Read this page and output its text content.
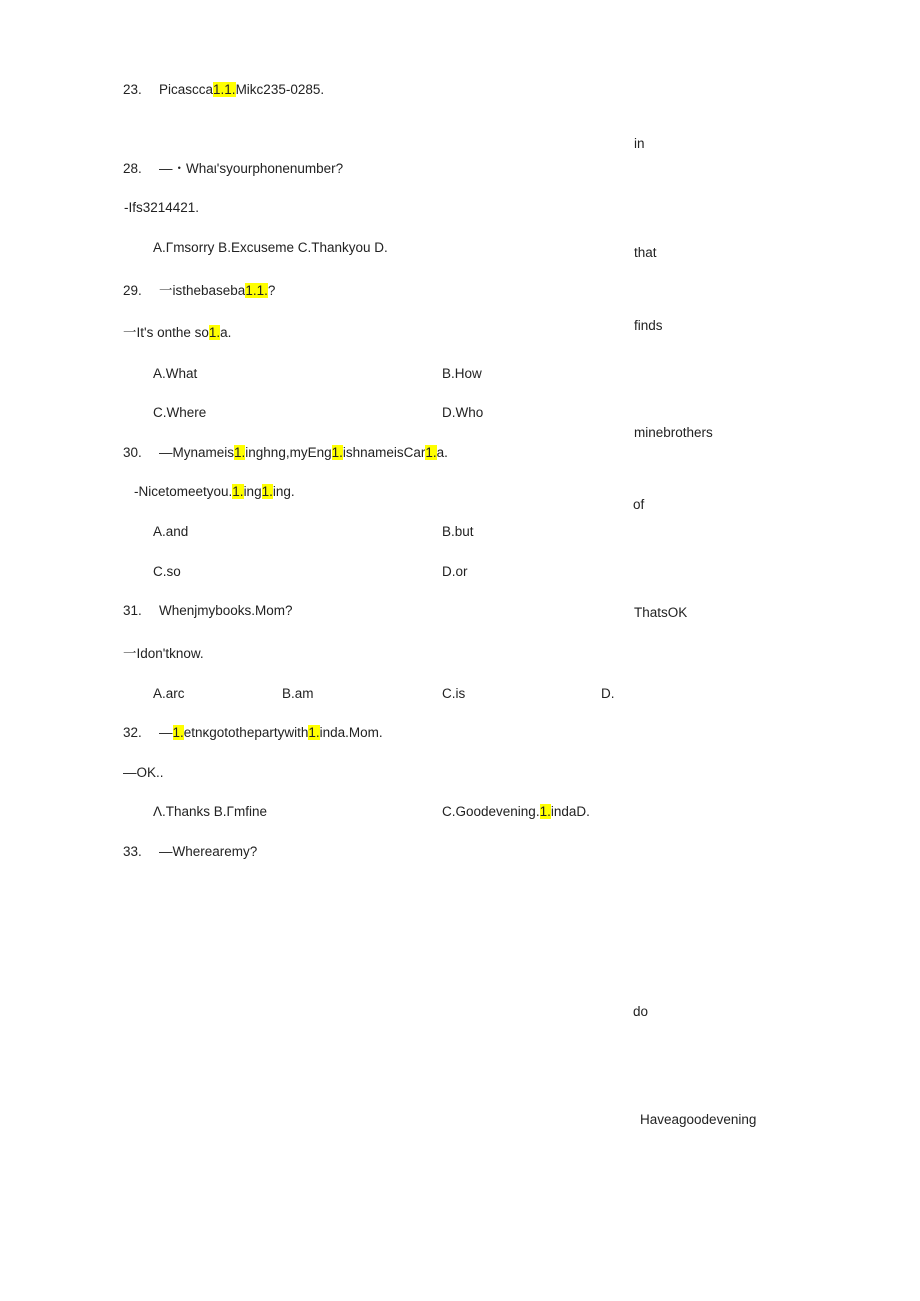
23. Picascca1.1.Mikc235-0285.
28. —・Whaι'syourphonenumber?
-Ifs3214421.
A.Γmsorry B.Excuseme C.Thankyou D.
29. 一isthebaseba1.1.?
一It's onthe so1.a.
A.What	B.How
C.Where	D.Who
30. —Mynameis1.inghng,myEng1.ishnameisCar1.a.
-Nicetomeetyou.1.ing1.ing.
A.and	B.but
C.so	D.or
31. Whenjmybooks.Mom?
一Idon'tknow.
A.arc	B.am	C.is	D.
32. —1.etnκgotothepartywith1.inda.Mom.
—OK..
Λ.Thanks B.Γmfine	C.Goodevening.1.indaD.
33. —Wherearemy?
in
that
finds
minebrothers
of
ThatsOK
do
Haveagoodevening
